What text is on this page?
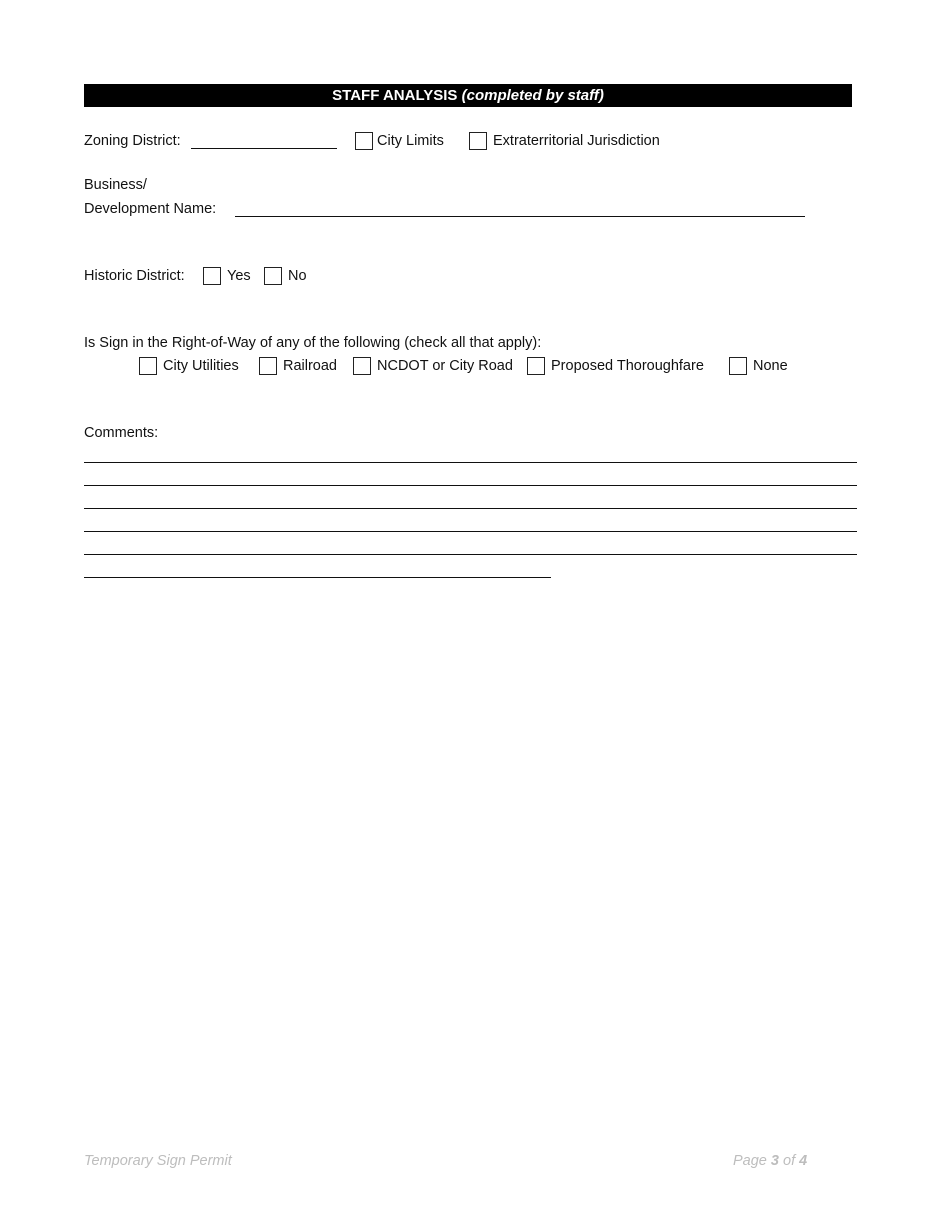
STAFF ANALYSIS (completed by staff)
Zoning District:	City Limits	Extraterritorial Jurisdiction
Business/
Development Name:
Historic District:	Yes	No
Is Sign in the Right-of-Way of any of the following (check all that apply):
City Utilities	Railroad	NCDOT or City Road	Proposed Thoroughfare	None
Comments:
Temporary Sign Permit	Page 3 of 4
